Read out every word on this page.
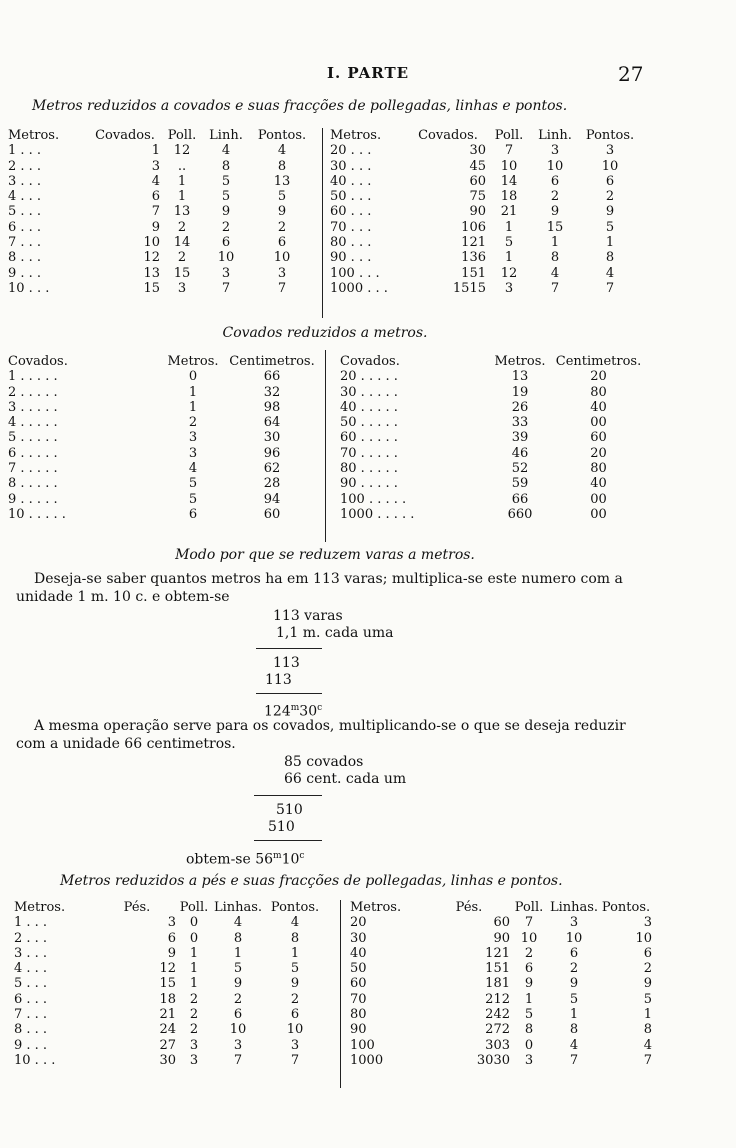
I. PARTE	27
Metros reduzidos a covados e suas fracções de pollegadas, linhas e pontos.
Metros.	Covados.	Poll.	Linh.	Pontos.
1 . . .	1	12	4	4
2 . . .	3	..	8	8
3 . . .	4	1	5	13
4 . . .	6	1	5	5
5 . . .	7	13	9	9
6 . . .	9	2	2	2
7 . . .	10	14	6	6
8 . . .	12	2	10	10
9 . . .	13	15	3	3
10 . . .	15	3	7	7
Metros.	Covados.	Poll.	Linh.	Pontos.
20 . . .	30	7	3	3
30 . . .	45	10	10	10
40 . . .	60	14	6	6
50 . . .	75	18	2	2
60 . . .	90	21	9	9
70 . . .	106	1	15	5
80 . . .	121	5	1	1
90 . . .	136	1	8	8
100 . . .	151	12	4	4
1000 . . .	1515	3	7	7
Covados reduzidos a metros.
Covados.	Metros.	Centimetros.
1 . . . . .	0	66
2 . . . . .	1	32
3 . . . . .	1	98
4 . . . . .	2	64
5 . . . . .	3	30
6 . . . . .	3	96
7 . . . . .	4	62
8 . . . . .	5	28
9 . . . . .	5	94
10 . . . . .	6	60
Covados.	Metros.	Centimetros.
20 . . . . .	13	20
30 . . . . .	19	80
40 . . . . .	26	40
50 . . . . .	33	00
60 . . . . .	39	60
70 . . . . .	46	20
80 . . . . .	52	80
90 . . . . .	59	40
100 . . . . .	66	00
1000 . . . . .	660	00
Modo por que se reduzem varas a metros.
Deseja-se saber quantos metros ha em 113 varas; multiplica-se este numero com a
unidade 1 m. 10 c. e obtem-se
113 varas
1,1 m. cada uma
113
113
124$^m$30$^c$
A mesma operação serve para os covados, multiplicando-se o que se deseja reduzir
com a unidade 66 centimetros.
85 covados
66 cent. cada um
510
510
obtem-se 56$^m$10$^c$
Metros reduzidos a pés e suas fracções de pollegadas, linhas e pontos.
Metros.	Pés.	Poll.	Linhas.	Pontos.
1 . . .	3	0	4	4
2 . . .	6	0	8	8
3 . . .	9	1	1	1
4 . . .	12	1	5	5
5 . . .	15	1	9	9
6 . . .	18	2	2	2
7 . . .	21	2	6	6
8 . . .	24	2	10	10
9 . . .	27	3	3	3
10 . . .	30	3	7	7
Metros.	Pés.	Poll.	Linhas.	Pontos.
20	60	7	3	3
30	90	10	10	10
40	121	2	6	6
50	151	6	2	2
60	181	9	9	9
70	212	1	5	5
80	242	5	1	1
90	272	8	8	8
100	303	0	4	4
1000	3030	3	7	7
